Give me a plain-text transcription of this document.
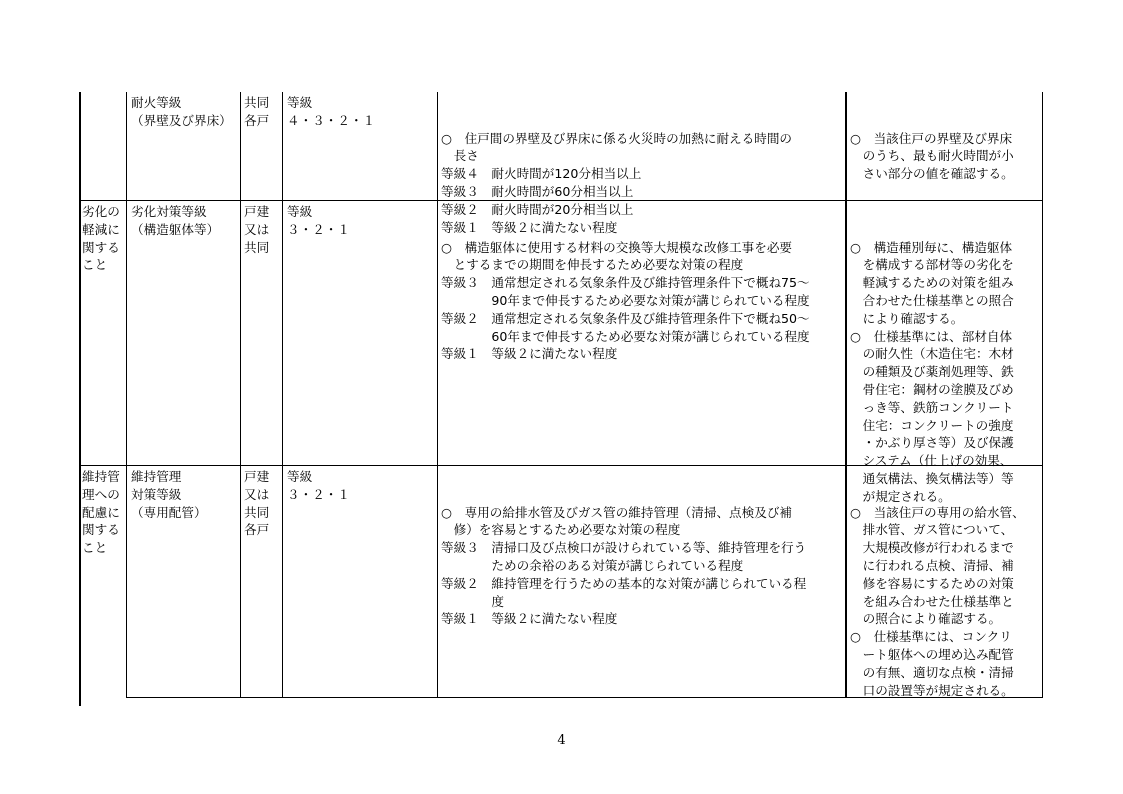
耐火等級
（界壁及び界床）
共同
各戸
等級
４・３・２・１

○　住戸間の界壁及び界床に係る火災時の加熱に耐える時間の
　長さ
等級４　耐火時間が120分相当以上
等級３　耐火時間が60分相当以上
等級２　耐火時間が20分相当以上
等級１　等級２に満たない程度

○　当該住戸の界壁及び界床
　のうち、最も耐火時間が小
　さい部分の値を確認する。

劣化の
軽減に
関する
こと
劣化対策等級
（構造躯体等）
戸建
又は
共同
等級
３・２・１

○　構造躯体に使用する材料の交換等大規模な改修工事を必要
　とするまでの期間を伸長するため必要な対策の程度
等級３　通常想定される気象条件及び維持管理条件下で概ね75～
　　　　90年まで伸長するため必要な対策が講じられている程度
等級２　通常想定される気象条件及び維持管理条件下で概ね50～
　　　　60年まで伸長するため必要な対策が講じられている程度
等級１　等級２に満たない程度

○　構造種別毎に、構造躯体
　を構成する部材等の劣化を
　軽減するための対策を組み
　合わせた仕様基準との照合
　により確認する。
○　仕様基準には、部材自体
　の耐久性（木造住宅：木材
　の種類及び薬剤処理等、鉄
　骨住宅：鋼材の塗膜及びめ
　っき等、鉄筋コンクリート
　住宅：コンクリートの強度
　・かぶり厚さ等）及び保護
　システム（仕上げの効果、
　通気構法、換気構法等）等
　が規定される。

維持管
理への
配慮に
関する
こと
維持管理
対策等級
（専用配管）
戸建
又は
共同
各戸
等級
３・２・１

○　専用の給排水管及びガス管の維持管理（清掃、点検及び補
　修）を容易とするため必要な対策の程度
等級３　清掃口及び点検口が設けられている等、維持管理を行う
　　　　ための余裕のある対策が講じられている程度
等級２　維持管理を行うための基本的な対策が講じられている程
　　　　度
等級１　等級２に満たない程度

○　当該住戸の専用の給水管、
　排水管、ガス管について、
　大規模改修が行われるまで
　に行われる点検、清掃、補
　修を容易にするための対策
　を組み合わせた仕様基準と
　の照合により確認する。
○　仕様基準には、コンクリ
　ート躯体への埋め込み配管
　の有無、適切な点検・清掃
　口の設置等が規定される。

4
